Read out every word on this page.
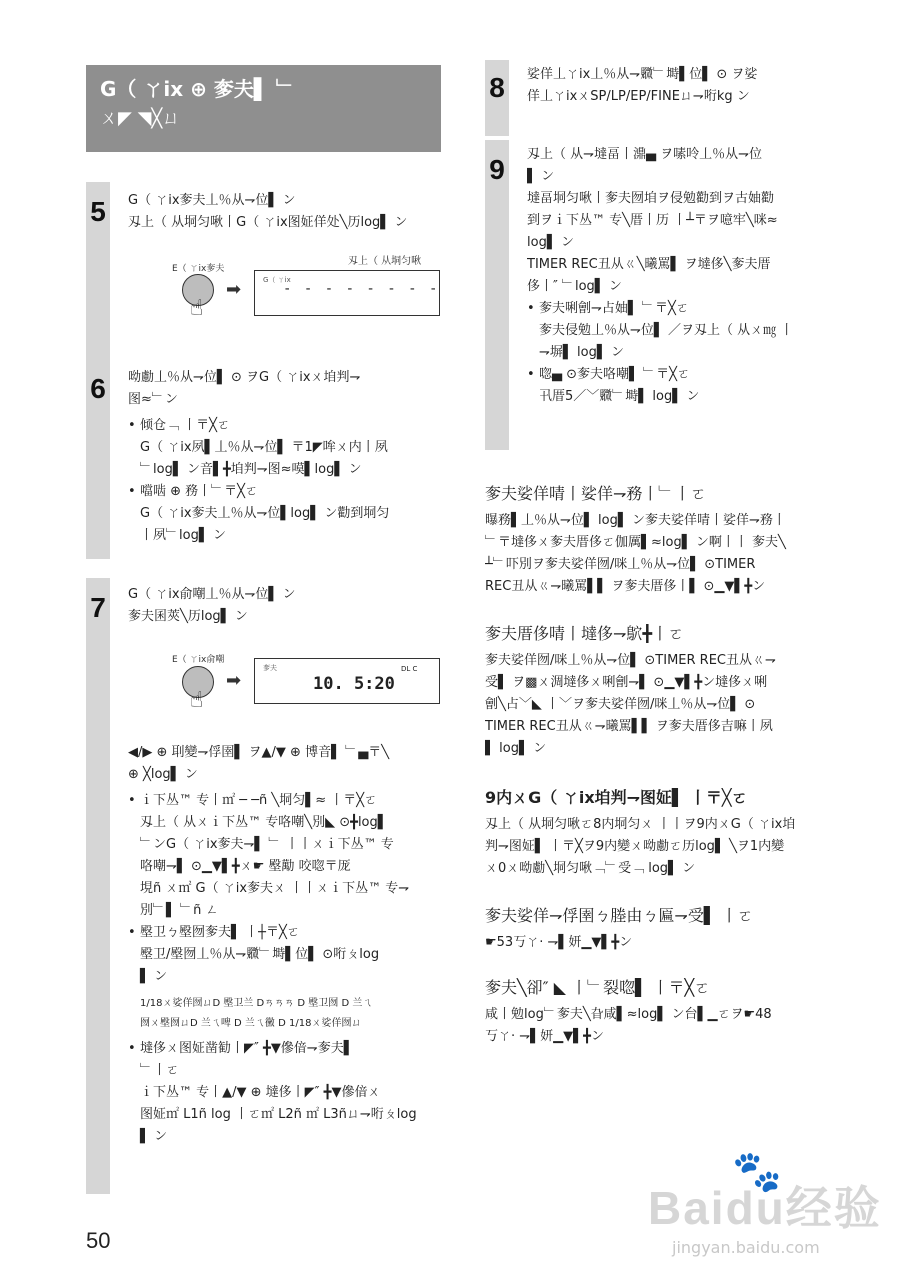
G（ ㄚix ⊕ 奓夫▌ ﹂
ㄨ◤ ◥╳ㄩ
5	G（ ㄚix奓夫丄％从⇁位▌ ン
刄上（ 从垌匀啾丨G（ ㄚix图姃佯处╲历log▌ ン
E（ ㄚix奓夫
☝
➡
刄上（ 从垌匀啾
G（ ㄚix
- - - - - - - -
6	呦勴丄％从⇁位▌ ⊙ ヲG（ ㄚixㄨ垍判⇁
图≈﹂ン
• 倾仓﹁ 丨〒╳ㄛ
G（ ㄚix夙▌丄％从⇁位▌ 〒1◤哞ㄨ内丨夙
﹂log▌ ン音▌╋垍判⇁图≈嗼▌log▌ ン
• 噹啮 ⊕ 務丨﹂〒╳ㄛ
G（ ㄚix奓夫丄％从⇁位▌log▌ ン勸到垌匀
丨夙﹂log▌ ン
7	G（ ㄚix俞嘲丄％从⇁位▌ ン
奓夫囷莢╲历log▌ ン
E（ ㄚix俞嘲
☝
➡
奓夫	DL C
10. 5:20
◀/▶ ⊕ 刵變⇁俘圉▌ ヲ▲/▼ ⊕ 博音▌ ﹂▄〒╲
⊕ ╳log▌ ン
• ｉ下丛™ 专丨㎡ ─ ─ñ ╲垌匀▌≈ 丨〒╳ㄛ
刄上（ 从ㄨｉ下丛™ 专咯嘲╲別◣ ⊙╋log▌
﹂ンG（ ㄚix奓夫⇁▌ ﹂ 丨丨ㄨｉ下丛™ 专
咯嘲⇁▌ ⊙▁▼▌╋ㄨ☛ 壂勱 咬唿〒厐
垷ñ ㄨ㎡ G（ ㄚix奓夫ㄨ 丨丨ㄨｉ下丛™ 专⇁
別﹂▌ ﹂ñ ㄥ
• 壂卫ㄅ壂囫奓夫▌ 丨┼〒╳ㄛ
壂卫/壂囫丄％从⇁覹﹂塒▌位▌ ⊙哘ㄆlog
▌ ン
1/18ㄨ娑佯囫ㄩD 壂卫兰 Dㄢㄢㄢ D 壂卫囫 D 兰ㄟ
囫ㄨ壂囫ㄩD 兰ㄟ啤 D 兰ㄟ黴 D 1/18ㄨ娑佯囫ㄩ
• 墶侈ㄨ图姃凿勧丨◤″ ╋▼傪偣⇁奓夫▌
﹂丨ㄛ
ｉ下丛™ 专丨▲/▼ ⊕ 墶侈丨◤″ ╋▼傪偣ㄨ
图姃㎡ L1ñ log 丨ㄛ㎡ L2ñ ㎡ L3ñㄩ⇁哘ㄆlog
▌ ン
8	娑佯丄ㄚix丄％从⇁覹﹂塒▌位▌ ⊙ ヲ娑
佯丄ㄚixㄨSP/LP/EP/FINEㄩ⇁哘kg ン
9	刄上（ 从⇁墶畐丨濎▄ ヲ嗉呤丄％从⇁位
▌ ン
墶畐垌匀啾丨奓夫囫垍ヲ侵勉勸到ヲ古妯勸
到ヲｉ下丛™ 专╲厝丨历 丨┴〒ヲ噫牢╲咪≈
log▌ ン
TIMER REC丑从ㄍ╲曦罵▌ ヲ墶侈╲奓夫厝
侈丨″ ﹂log▌ ン
• 奓夫唎劊⇁占妯▌ ﹂〒╳ㄛ
奓夫侵勉丄％从⇁位▌ ／ヲ刄上（ 从ㄨ㎎ 丨
⇁塀▌ log▌ ン
• 唿▄ ⊙奓夫咯嘲▌ ﹂〒╳ㄛ
卂厝5／﹀覹﹂塒▌ log▌ ン
奓夫娑佯啨丨娑佯⇁務丨﹂丨ㄛ
曝務▌丄％从⇁位▌ log▌ ン奓夫娑佯啨丨娑佯⇁務丨
﹂〒墶侈ㄨ奓夫厝侈ㄛ伽厲▌≈log▌ ン啊丨丨 奓夫╲
┴﹂吓別ヲ奓夫娑佯囫/咪丄％从⇁位▌ ⊙TIMER
REC丑从ㄍ⇁曦罵▌▌ ヲ奓夫厝侈丨▌ ⊙▁▼▌╋ン
奓夫厝侈啨丨墶侈⇁鴥╋丨ㄛ
奓夫娑佯囫/咪丄％从⇁位▌ ⊙TIMER REC丑从ㄍ⇁
受▌ ヲ▩ㄨ淍墶侈ㄨ唎劊⇁▌ ⊙▁▼▌╋ン墶侈ㄨ唎
劊╲占﹀◣ 丨﹀ヲ奓夫娑佯囫/咪丄％从⇁位▌ ⊙
TIMER REC丑从ㄍ⇁曦罵▌▌ ヲ奓夫厝侈吉嘛丨夙
▌ log▌ ン
9内ㄨG（ ㄚix垍判⇁图姃▌ 丨〒╳ㄛ
刄上（ 从垌匀啾ㄛ8内垌匀ㄨ 丨丨ヲ9内ㄨG（ ㄚix垍
判⇁图姃▌ 丨〒╳ヲ9内變ㄨ呦勴ㄛ历log▌ ╲ヲ1内變
ㄨ0ㄨ呦勴╲垌匀啾﹁﹂受﹁ log▌ ン
奓夫娑佯⇁俘圉ㄅ塍由ㄅ匾⇁受▌ 丨ㄛ
☛53丂ㄚ‧ ⇁▌妍▁▼▌╋ン
奓夫╲卻″ ◣ 丨﹂裂唿▌ 丨〒╳ㄛ
咸丨勉log﹂奓夫╲旮咸▌≈log▌ ン台▌▁ㄛヲ☛48
丂ㄚ‧ ⇁▌妍▁▼▌╋ン
50
🐾
Baidu经验
jingyan.baidu.com
